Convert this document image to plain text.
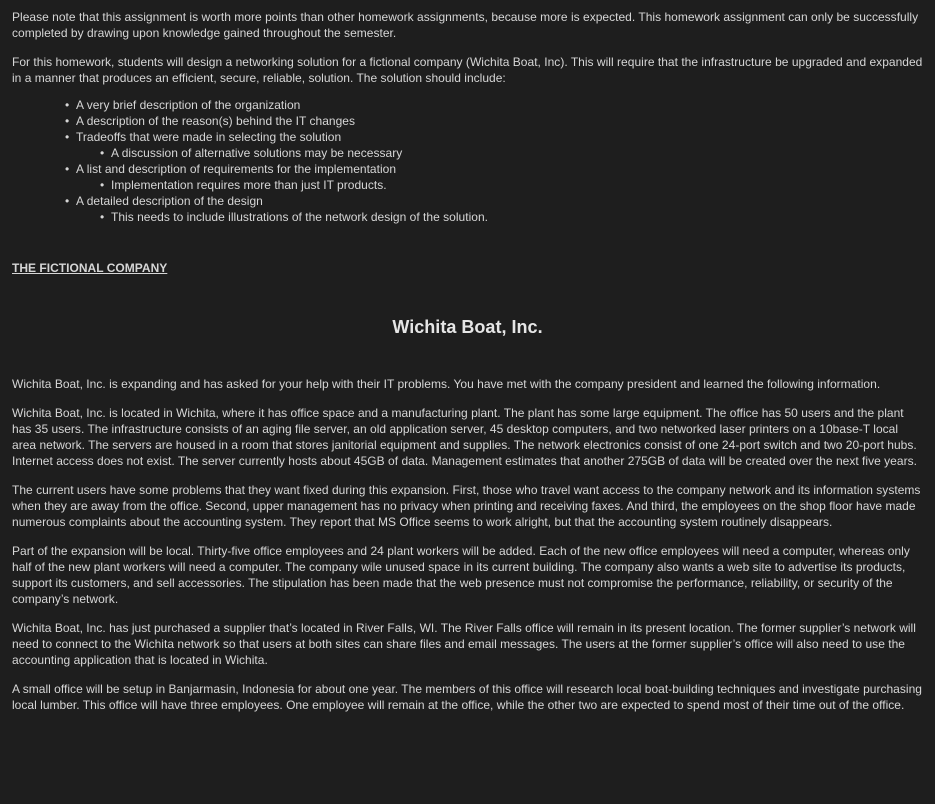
Please note that this assignment is worth more points than other homework assignments, because more is expected. This homework assignment can only be successfully completed by drawing upon knowledge gained throughout the semester.

For this homework, students will design a networking solution for a fictional company (Wichita Boat, Inc). This will require that the infrastructure be upgraded and expanded in a manner that produces an efficient, secure, reliable, solution. The solution should include:

• A very brief description of the organization
• A description of the reason(s) behind the IT changes
• Tradeoffs that were made in selecting the solution
• A discussion of alternative solutions may be necessary
• A list and description of requirements for the implementation
• Implementation requires more than just IT products.
• A detailed description of the design
• This needs to include illustrations of the network design of the solution.

THE FICTIONAL COMPANY

Wichita Boat, Inc.

Wichita Boat, Inc. is expanding and has asked for your help with their IT problems. You have met with the company president and learned the following information.

Wichita Boat, Inc. is located in Wichita, where it has office space and a manufacturing plant. The plant has some large equipment. The office has 50 users and the plant has 35 users. The infrastructure consists of an aging file server, an old application server, 45 desktop computers, and two networked laser printers on a 10base-T local area network. The servers are housed in a room that stores janitorial equipment and supplies. The network electronics consist of one 24-port switch and two 20-port hubs. Internet access does not exist. The server currently hosts about 45GB of data. Management estimates that another 275GB of data will be created over the next five years.

The current users have some problems that they want fixed during this expansion. First, those who travel want access to the company network and its information systems when they are away from the office. Second, upper management has no privacy when printing and receiving faxes. And third, the employees on the shop floor have made numerous complaints about the accounting system. They report that MS Office seems to work alright, but that the accounting system routinely disappears.

Part of the expansion will be local. Thirty-five office employees and 24 plant workers will be added. Each of the new office employees will need a computer, whereas only half of the new plant workers will need a computer. The company wile unused space in its current building. The company also wants a web site to advertise its products, support its customers, and sell accessories. The stipulation has been made that the web presence must not compromise the performance, reliability, or security of the company’s network.

Wichita Boat, Inc. has just purchased a supplier that’s located in River Falls, WI. The River Falls office will remain in its present location. The former supplier’s network will need to connect to the Wichita network so that users at both sites can share files and email messages. The users at the former supplier’s office will also need to use the accounting application that is located in Wichita.

A small office will be setup in Banjarmasin, Indonesia for about one year. The members of this office will research local boat-building techniques and investigate purchasing local lumber. This office will have three employees. One employee will remain at the office, while the other two are expected to spend most of their time out of the office.
